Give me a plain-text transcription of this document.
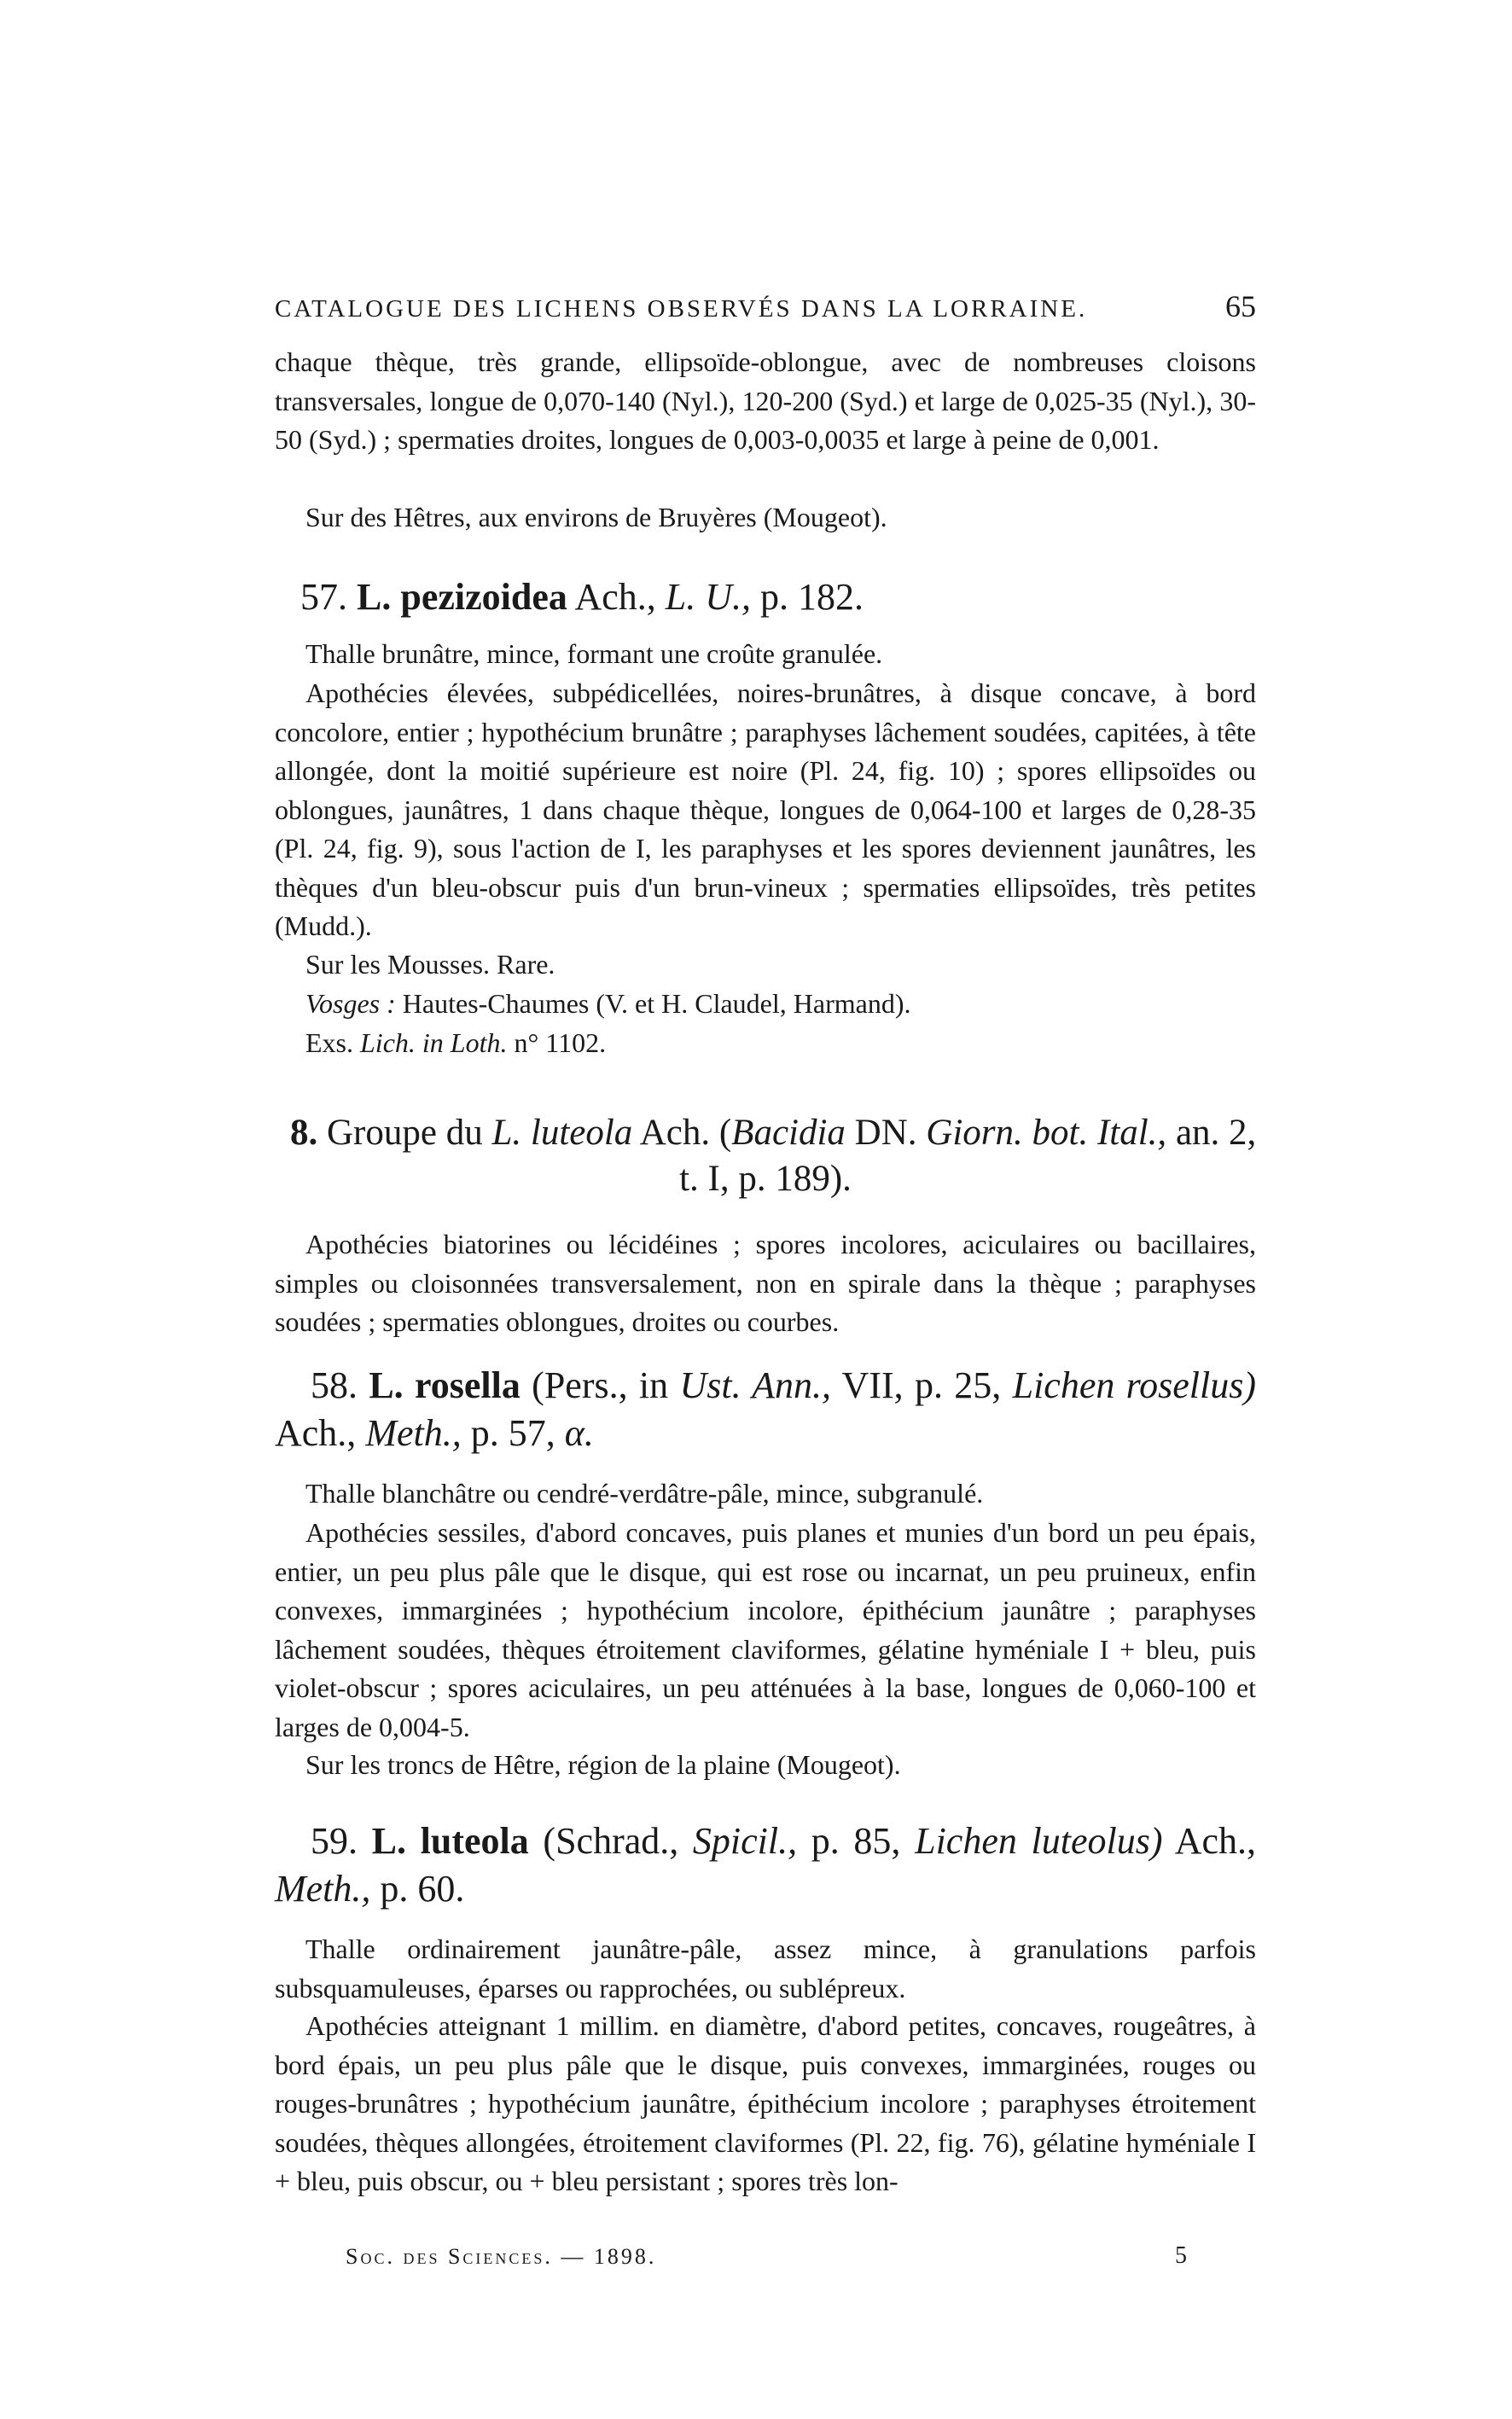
CATALOGUE DES LICHENS OBSERVÉS DANS LA LORRAINE.	65

chaque thèque, très grande, ellipsoïde-oblongue, avec de nombreuses cloisons transversales, longue de 0,070-140 (Nyl.), 120-200 (Syd.) et large de 0,025-35 (Nyl.), 30-50 (Syd.) ; spermaties droites, longues de 0,003-0,0035 et large à peine de 0,001.

Sur des Hêtres, aux environs de Bruyères (Mougeot).

57. L. pezizoidea Ach., L. U., p. 182.

Thalle brunâtre, mince, formant une croûte granulée.

Apothécies élevées, subpédicellées, noires-brunâtres, à disque concave, à bord concolore, entier ; hypothécium brunâtre ; paraphyses lâchement soudées, capitées, à tête allongée, dont la moitié supérieure est noire (Pl. 24, fig. 10) ; spores ellipsoïdes ou oblongues, jaunâtres, 1 dans chaque thèque, longues de 0,064-100 et larges de 0,28-35 (Pl. 24, fig. 9), sous l'action de I, les paraphyses et les spores deviennent jaunâtres, les thèques d'un bleu-obscur puis d'un brun-vineux ; spermaties ellipsoïdes, très petites (Mudd.).

Sur les Mousses. Rare.

Vosges : Hautes-Chaumes (V. et H. Claudel, Harmand).

Exs. Lich. in Loth. n° 1102.

8. Groupe du L. luteola Ach. (Bacidia DN. Giorn. bot. Ital., an. 2,
t. I, p. 189).

Apothécies biatorines ou lécidéines ; spores incolores, aciculaires ou bacillaires, simples ou cloisonnées transversalement, non en spirale dans la thèque ; paraphyses soudées ; spermaties oblongues, droites ou courbes.

58. L. rosella (Pers., in Ust. Ann., VII, p. 25, Lichen rosellus) Ach., Meth., p. 57, α.

Thalle blanchâtre ou cendré-verdâtre-pâle, mince, subgranulé.

Apothécies sessiles, d'abord concaves, puis planes et munies d'un bord un peu épais, entier, un peu plus pâle que le disque, qui est rose ou incarnat, un peu pruineux, enfin convexes, immarginées ; hypothécium incolore, épithécium jaunâtre ; paraphyses lâchement soudées, thèques étroitement claviformes, gélatine hyméniale I + bleu, puis violet-obscur ; spores aciculaires, un peu atténuées à la base, longues de 0,060-100 et larges de 0,004-5.

Sur les troncs de Hêtre, région de la plaine (Mougeot).

59. L. luteola (Schrad., Spicil., p. 85, Lichen luteolus) Ach., Meth., p. 60.

Thalle ordinairement jaunâtre-pâle, assez mince, à granulations parfois subsquamuleuses, éparses ou rapprochées, ou sublépreux.

Apothécies atteignant 1 millim. en diamètre, d'abord petites, concaves, rougeâtres, à bord épais, un peu plus pâle que le disque, puis convexes, immarginées, rouges ou rouges-brunâtres ; hypothécium jaunâtre, épithécium incolore ; paraphyses étroitement soudées, thèques allongées, étroitement claviformes (Pl. 22, fig. 76), gélatine hyméniale I + bleu, puis obscur, ou + bleu persistant ; spores très lon-

Soc. des Sciences. — 1898.	5
